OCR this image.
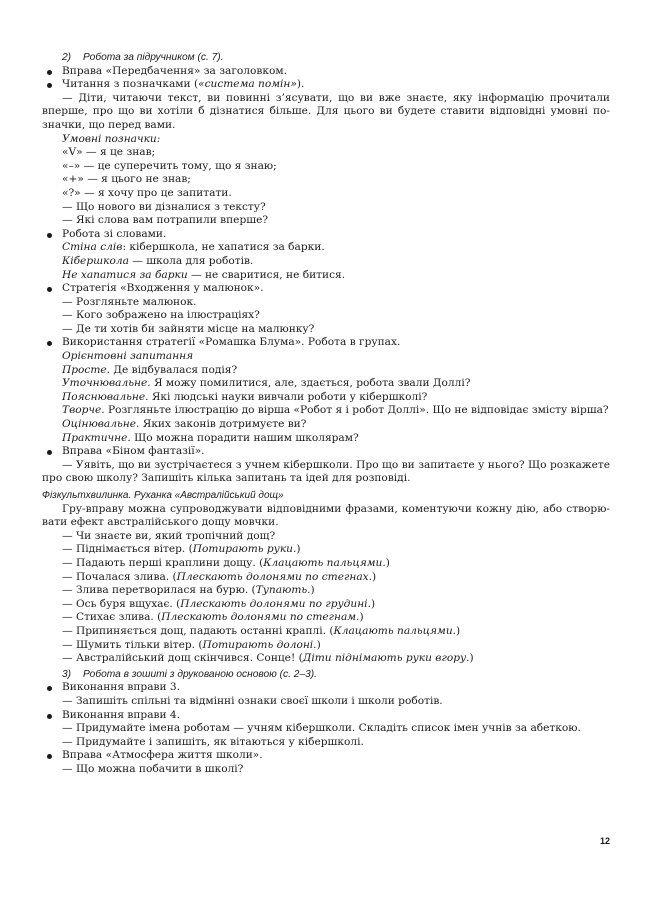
2) Робота за підручником (с. 7).
Вправа «Передбачення» за заголовком.
Читання з позначками («система помін»).
— Діти, читаючи текст, ви повинні з’ясувати, що ви вже знаєте, яку інформацію прочитали
вперше, про що ви хотіли б дізнатися більше. Для цього ви будете ставити відповідні умовні по-
значки, що перед вами.
Умовні позначки:
«V» — я це знав;
«–» — це суперечить тому, що я знаю;
«+» — я цього не знав;
«?» — я хочу про це запитати.
— Що нового ви дізналися з тексту?
— Які слова вам потрапили вперше?
Робота зі словами.
Стіна слів: кібершкола, не хапатися за барки.
Кібершкола — школа для роботів.
Не хапатися за барки — не сваритися, не битися.
Стратегія «Входження у малюнок».
— Розгляньте малюнок.
— Кого зображено на ілюстраціях?
— Де ти хотів би зайняти місце на малюнку?
Використання стратегії «Ромашка Блума». Робота в групах.
Орієнтовні запитання
Просте. Де відбувалася подія?
Уточнювальне. Я можу помилитися, але, здається, робота звали Доллі?
Пояснювальне. Які людські науки вивчали роботи у кібершколі?
Творче. Розгляньте ілюстрацію до вірша «Робот я і робот Доллі». Що не відповідає змісту вірша?
Оцінювальне. Яких законів дотримуєте ви?
Практичне. Що можна порадити нашим школярам?
Вправа «Біном фантазії».
— Уявіть, що ви зустрічаєтеся з учнем кібершколи. Про що ви запитаєте у нього? Що розкажете
про свою школу? Запишіть кілька запитань та ідей для розповіді.
Фізкультхвилинка. Руханка «Австралійський дощ»
Гру-вправу можна супроводжувати відповідними фразами, коментуючи кожну дію, або створю-
вати ефект австралійського дощу мовчки.
— Чи знаєте ви, який тропічний дощ?
— Піднімається вітер. (Потирають руки.)
— Падають перші краплини дощу. (Клацають пальцями.)
— Почалася злива. (Плескають долонями по стегнах.)
— Злива перетворилася на бурю. (Тупають.)
— Ось буря вщухає. (Плескають долонями по грудині.)
— Стихає злива. (Плескають долонями по стегнам.)
— Припиняється дощ, падають останні краплі. (Клацають пальцями.)
— Шумить тільки вітер. (Потирають долоні.)
— Австралійський дощ скінчився. Сонце! (Діти піднімають руки вгору.)
3) Робота в зошиті з друкованою основою (с. 2–3).
Виконання вправи 3.
— Запишіть спільні та відмінні ознаки своєї школи і школи роботів.
Виконання вправи 4.
— Придумайте імена роботам — учням кібершколи. Складіть список імен учнів за абеткою.
— Придумайте і запишіть, як вітаються у кібершколі.
Вправа «Атмосфера життя школи».
— Що можна побачити в школі?
12
